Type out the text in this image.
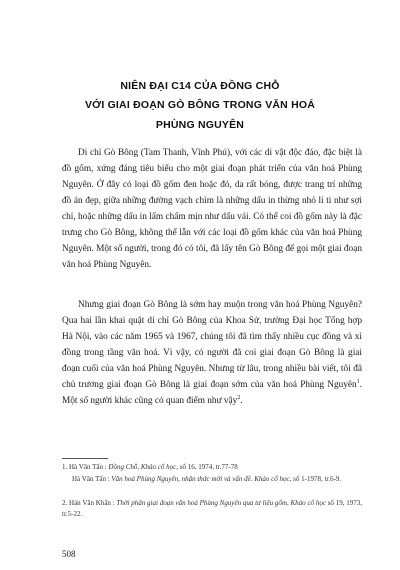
NIÊN ĐẠI C14 CỦA ĐỒNG CHỖ
VỚI GIAI ĐOẠN GÒ BÔNG TRONG VĂN HOÁ
PHÙNG NGUYÊN

Di chỉ Gò Bông (Tam Thanh, Vĩnh Phú), với các di vật độc đáo, đặc biệt là đồ gốm, xứng đáng tiêu biểu cho một giai đoạn phát triển của văn hoá Phùng Nguyên. Ở đây có loại đồ gốm đen hoặc đỏ, da rất bóng, được trang trí những đồ án đẹp, giữa những đường vạch chìm là những dấu in thừng nhỏ li ti như sợi chỉ, hoặc những dấu in lấm chấm mịn như dấu vải. Có thể coi đồ gốm này là đặc trưng cho Gò Bông, không thể lẫn với các loại đồ gốm khác của văn hoá Phùng Nguyên. Một số người, trong đó có tôi, đã lấy tên Gò Bông để gọi một giai đoạn văn hoá Phùng Nguyên.

Nhưng giai đoạn Gò Bông là sớm hay muộn trong văn hoá Phùng Nguyên? Qua hai lần khai quật di chỉ Gò Bông của Khoa Sử, trường Đại học Tổng hợp Hà Nội, vào các năm 1965 và 1967, chúng tôi đã tìm thấy nhiều cục đồng và xỉ đồng trong tầng văn hoá. Vì vậy, có người đã coi giai đoạn Gò Bông là giai đoạn cuối của văn hoá Phùng Nguyên. Nhưng từ lâu, trong nhiều bài viết, tôi đã chủ trương giai đoạn Gò Bông là giai đoạn sớm của văn hoá Phùng Nguyên$^1$. Một số người khác cũng có quan điểm như vậy$^2$.

1. Hà Văn Tấn : Đồng Chỗ, Khảo cổ học, số 16, 1974, tr.77-78

Hà Văn Tấn : Văn hoá Phùng Nguyên, nhận thức mới và vấn đề. Khảo cổ học, số 1-1978, tr.6-9.

2. Hán Văn Khẩn : Thời phân giai đoạn văn hoá Phùng Nguyên qua tư liệu gốm, Khảo cổ học số 19, 1973, tr.5-22.

508
